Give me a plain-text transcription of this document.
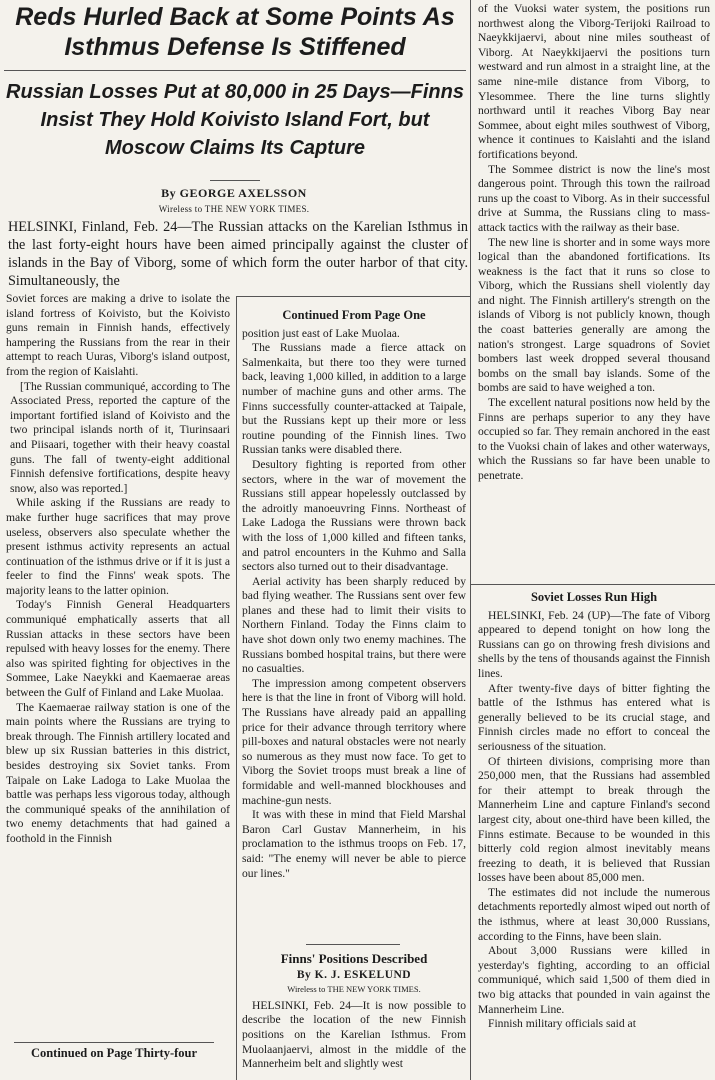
Reds Hurled Back at Some Points As Isthmus Defense Is Stiffened
Russian Losses Put at 80,000 in 25 Days—Finns Insist They Hold Koivisto Island Fort, but Moscow Claims Its Capture
By GEORGE AXELSSON
Wireless to THE NEW YORK TIMES.

HELSINKI, Finland, Feb. 24—The Russian attacks on the Karelian Isthmus in the last forty-eight hours have been aimed principally against the cluster of islands in the Bay of Viborg, some of which form the outer harbor of that city. Simultaneously, the

Soviet forces are making a drive to isolate the island fortress of Koivisto, but the Koivisto guns remain in Finnish hands, effectively hampering the Russians from the rear in their attempt to reach Uuras, Viborg's island outpost, from the region of Kaislahti.

[The Russian communiqué, according to The Associated Press, reported the capture of the important fortified island of Koivisto and the two principal islands north of it, Tiurinsaari and Piisaari, together with their heavy coastal guns. The fall of twenty-eight additional Finnish defensive fortifications, despite heavy snow, also was reported.]

While asking if the Russians are ready to make further huge sacrifices that may prove useless, observers also speculate whether the present isthmus activity represents an actual continuation of the isthmus drive or if it is just a feeler to find the Finns' weak spots. The majority leans to the latter opinion.

Today's Finnish General Headquarters communiqué emphatically asserts that all Russian attacks in these sectors have been repulsed with heavy losses for the enemy. There also was spirited fighting for objectives in the Sommee, Lake Naeykki and Kaemaerae areas between the Gulf of Finland and Lake Muolaa.

The Kaemaerae railway station is one of the main points where the Russians are trying to break through. The Finnish artillery located and blew up six Russian batteries in this district, besides destroying six Soviet tanks. From Taipale on Lake Ladoga to Lake Muolaa the battle was perhaps less vigorous today, although the communiqué speaks of the annihilation of two enemy detachments that had gained a foothold in the Finnish

Continued on Page Thirty-four
Continued From Page One

position just east of Lake Muolaa.

The Russians made a fierce attack on Salmenkaita, but there too they were turned back, leaving 1,000 killed, in addition to a large number of machine guns and other arms. The Finns successfully counter-attacked at Taipale, but the Russians kept up their more or less routine pounding of the Finnish lines. Two Russian tanks were disabled there.

Desultory fighting is reported from other sectors, where in the war of movement the Russians still appear hopelessly outclassed by the adroitly manoeuvring Finns. Northeast of Lake Ladoga the Russians were thrown back with the loss of 1,000 killed and fifteen tanks, and patrol encounters in the Kuhmo and Salla sectors also turned out to their disadvantage.

Aerial activity has been sharply reduced by bad flying weather. The Russians sent over few planes and these had to limit their visits to Northern Finland. Today the Finns claim to have shot down only two enemy machines. The Russians bombed hospital trains, but there were no casualties.

The impression among competent observers here is that the line in front of Viborg will hold. The Russians have already paid an appalling price for their advance through territory where pill-boxes and natural obstacles were not nearly so numerous as they must now face. To get to Viborg the Soviet troops must break a line of formidable and well-manned blockhouses and machine-gun nests.

It was with these in mind that Field Marshal Baron Carl Gustav Mannerheim, in his proclamation to the isthmus troops on Feb. 17, said: "The enemy will never be able to pierce our lines."

Finns' Positions Described
By K. J. ESKELUND
Wireless to THE NEW YORK TIMES.

HELSINKI, Feb. 24—It is now possible to describe the location of the new Finnish positions on the Karelian Isthmus. From Muolaanjaervi, almost in the middle of the Mannerheim belt and slightly west

of the Vuoksi water system, the positions run northwest along the Viborg-Terijoki Railroad to Naeykkijaervi, about nine miles southeast of Viborg. At Naeykkijaervi the positions turn westward and run almost in a straight line, at the same nine-mile distance from Viborg, to Ylesommee. There the line turns slightly northward until it reaches Viborg Bay near Sommee, about eight miles southwest of Viborg, whence it continues to Kaislahti and the island fortifications beyond.

The Sommee district is now the line's most dangerous point. Through this town the railroad runs up the coast to Viborg. As in their successful drive at Summa, the Russians cling to mass-attack tactics with the railway as their base.

The new line is shorter and in some ways more logical than the abandoned fortifications. Its weakness is the fact that it runs so close to Viborg, which the Russians shell violently day and night. The Finnish artillery's strength on the islands of Viborg is not publicly known, though the coast batteries generally are among the nation's strongest. Large squadrons of Soviet bombers last week dropped several thousand bombs on the small bay islands. Some of the bombs are said to have weighed a ton.

The excellent natural positions now held by the Finns are perhaps superior to any they have occupied so far. They remain anchored in the east to the Vuoksi chain of lakes and other waterways, which the Russians so far have been unable to penetrate.

Soviet Losses Run High

HELSINKI, Feb. 24 (UP)—The fate of Viborg appeared to depend tonight on how long the Russians can go on throwing fresh divisions and shells by the tens of thousands against the Finnish lines.

After twenty-five days of bitter fighting the battle of the Isthmus has entered what is generally believed to be its crucial stage, and Finnish circles made no effort to conceal the seriousness of the situation.

Of thirteen divisions, comprising more than 250,000 men, that the Russians had assembled for their attempt to break through the Mannerheim Line and capture Finland's second largest city, about one-third have been killed, the Finns estimate. Because to be wounded in this bitterly cold region almost inevitably means freezing to death, it is believed that Russian losses have been about 85,000 men.

The estimates did not include the numerous detachments reportedly almost wiped out north of the isthmus, where at least 30,000 Russians, according to the Finns, have been slain.

About 3,000 Russians were killed in yesterday's fighting, according to an official communiqué, which said 1,500 of them died in two big attacks that pounded in vain against the Mannerheim Line.

Finnish military officials said at
